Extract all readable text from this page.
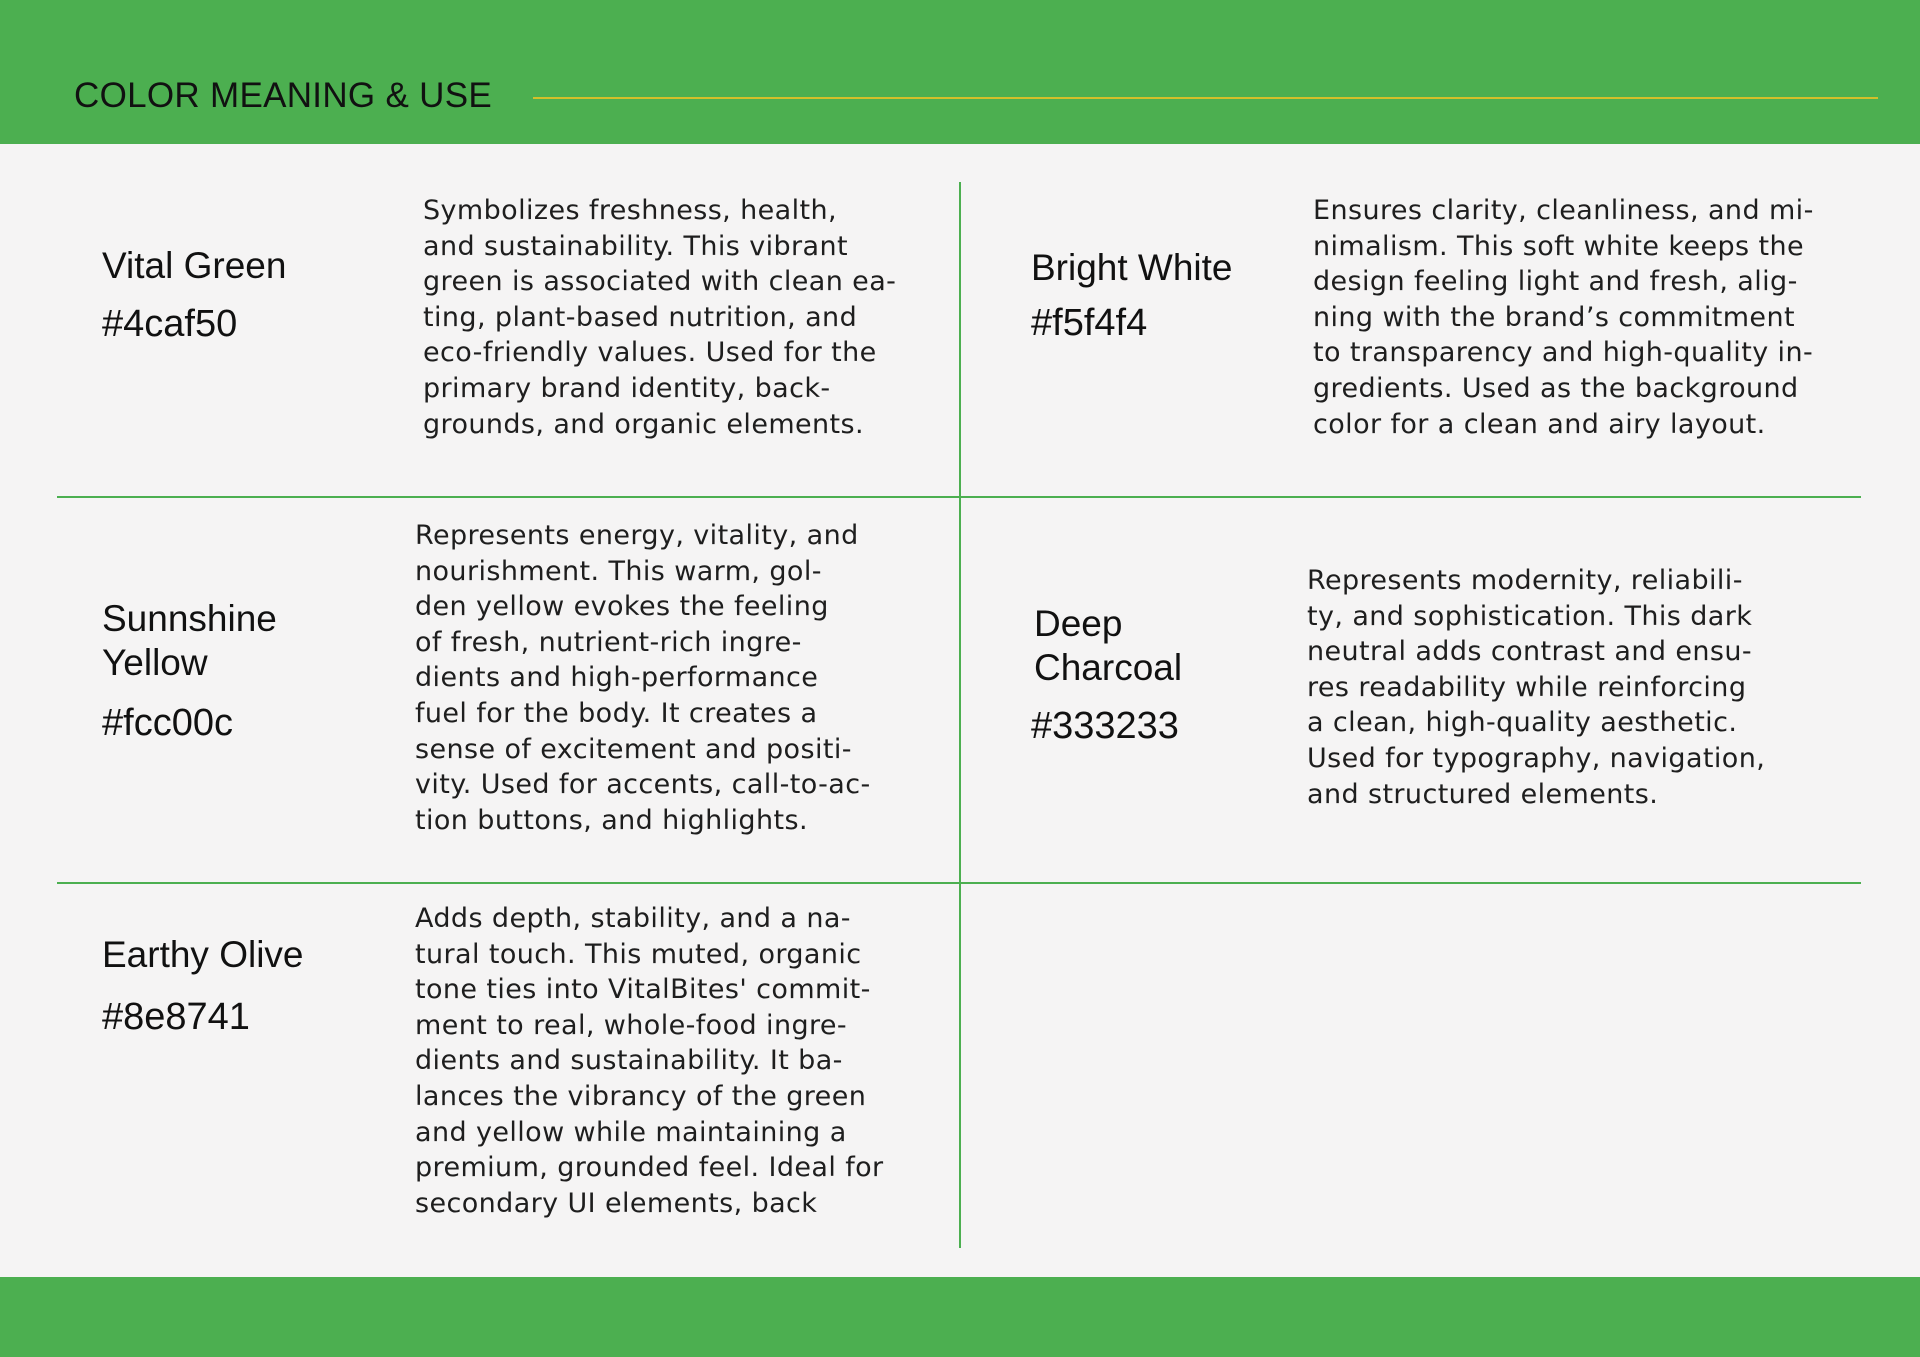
COLOR MEANING & USE
Vital Green
#4caf50

Symbolizes freshness, health,
and sustainability. This vibrant
green is associated with clean ea-
ting, plant-based nutrition, and
eco-friendly values. Used for the
primary brand identity, back-
grounds, and organic elements.

Bright White
#f5f4f4

Ensures clarity, cleanliness, and mi-
nimalism. This soft white keeps the
design feeling light and fresh, alig-
ning with the brand’s commitment
to transparency and high-quality in-
gredients. Used as the background
color for a clean and airy layout.

Sunnshine
Yellow
#fcc00c

Represents energy, vitality, and
nourishment. This warm, gol-
den yellow evokes the feeling
of fresh, nutrient-rich ingre-
dients and high-performance
fuel for the body. It creates a
sense of excitement and positi-
vity. Used for accents, call-to-ac-
tion buttons, and highlights.

Deep
Charcoal
#333233

Represents modernity, reliabili-
ty, and sophistication. This dark
neutral adds contrast and ensu-
res readability while reinforcing
a clean, high-quality aesthetic.
Used for typography, navigation,
and structured elements.

Earthy Olive
#8e8741

Adds depth, stability, and a na-
tural touch. This muted, organic
tone ties into VitalBites' commit-
ment to real, whole-food ingre-
dients and sustainability. It ba-
lances the vibrancy of the green
and yellow while maintaining a
premium, grounded feel. Ideal for
secondary UI elements, back
